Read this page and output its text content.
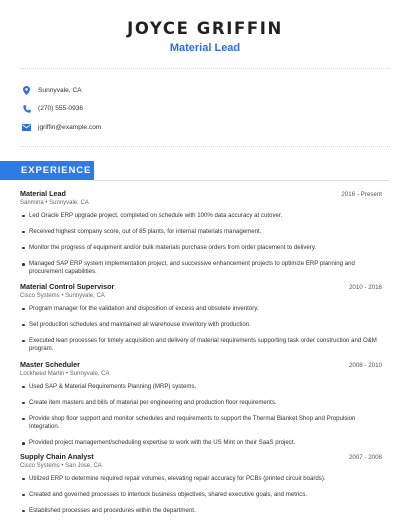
JOYCE GRIFFIN
Material Lead
Sunnyvale, CA
(270) 555-0936
jgriffin@example.com
EXPERIENCE
Material Lead	2016 - Present
Sanmina • Sunnyvale, CA
Led Oracle ERP upgrade project, completed on schedule with 100% data accuracy at cutover.
Received highest company score, out of 85 plants, for internal materials management.
Monitor the progress of equipment and/or bulk materials purchase orders from order placement to delivery.
Managed SAP ERP system implementation project, and successive enhancement projects to optimize ERP planning and procurement capabilities.
Material Control Supervisor	2010 - 2016
Cisco Systems • Sunnyvale, CA
Program manager for the validation and disposition of excess and obsolete inventory.
Set production schedules and maintained all warehouse inventory with production.
Executed lean processes for timely acquisition and delivery of material requirements supporting task order construction and O&M program.
Master Scheduler	2008 - 2010
Lockheed Martin • Sunnyvale, CA
Used SAP & Material Requirements Planning (MRP) systems.
Create item masters and bills of material per engineering and production floor requirements.
Provide shop floor support and monitor schedules and requirements to support the Thermal Blanket Shop and Propulsion Integration.
Provided project management/scheduling expertise to work with the US Mint on their SaaS project.
Supply Chain Analyst	2007 - 2008
Cisco Systems • San Jose, CA
Utilized ERP to determine required repair volumes, elevating repair accuracy for PCBs (printed circuit boards).
Created and governed processes to interlock business objectives, shared executive goals, and metrics.
Established processes and procedures within the department.
